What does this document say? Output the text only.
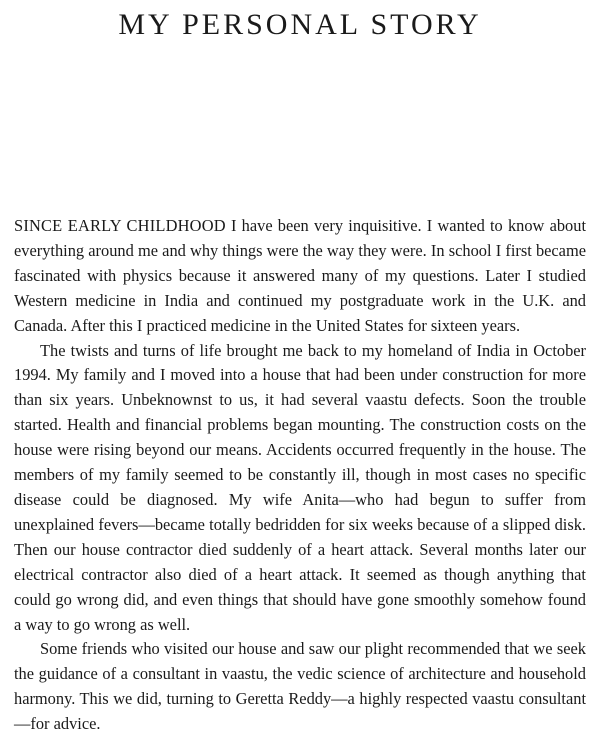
MY PERSONAL STORY

SINCE EARLY CHILDHOOD I have been very inquisitive. I wanted to know about everything around me and why things were the way they were. In school I first became fascinated with physics because it answered many of my questions. Later I studied Western medicine in India and continued my postgraduate work in the U.K. and Canada. After this I practiced medicine in the United States for sixteen years.

The twists and turns of life brought me back to my homeland of India in October 1994. My family and I moved into a house that had been under construction for more than six years. Unbeknownst to us, it had several vaastu defects. Soon the trouble started. Health and financial problems began mounting. The construction costs on the house were rising beyond our means. Accidents occurred frequently in the house. The members of my family seemed to be constantly ill, though in most cases no specific disease could be diagnosed. My wife Anita—who had begun to suffer from unexplained fevers—became totally bedridden for six weeks because of a slipped disk. Then our house contractor died suddenly of a heart attack. Several months later our electrical contractor also died of a heart attack. It seemed as though anything that could go wrong did, and even things that should have gone smoothly somehow found a way to go wrong as well.

Some friends who visited our house and saw our plight recommended that we seek the guidance of a consultant in vaastu, the vedic science of architecture and household harmony. This we did, turning to Geretta Reddy—a highly respected vaastu consultant—for advice.
